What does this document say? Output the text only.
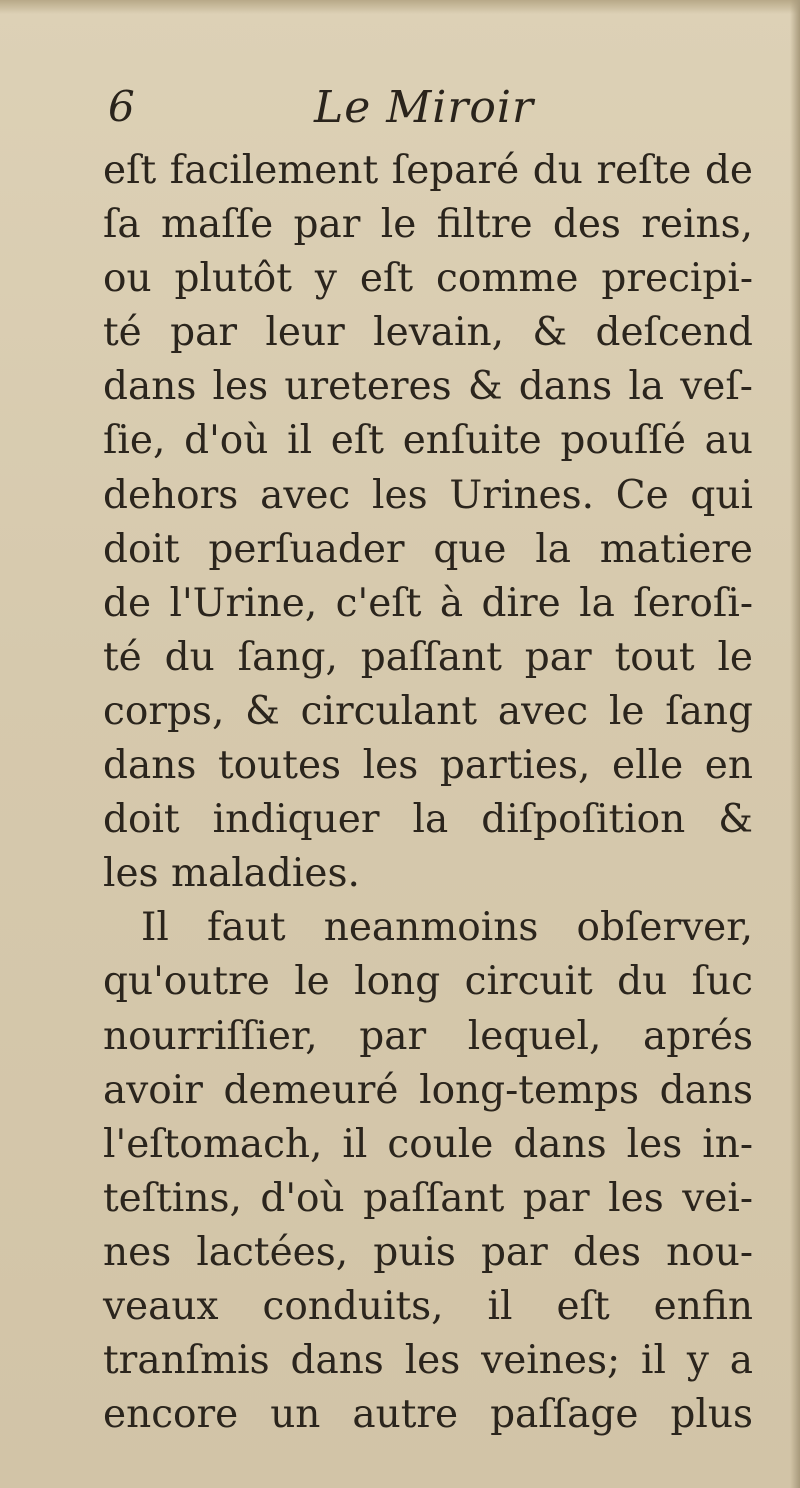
6	Le Miroir
eſt facilement ſeparé du reſte de
ſa maſſe par le filtre des reins,
ou plutôt y eſt comme precipi-
té par leur levain, & deſcend
dans les ureteres & dans la veſ-
ſie, d'où il eſt enſuite pouſſé au
dehors avec les Urines. Ce qui
doit perſuader que la matiere
de l'Urine, c'eſt à dire la ſeroſi-
té du ſang, paſſant par tout le
corps, & circulant avec le ſang
dans toutes les parties, elle en
doit indiquer la diſpoſition &
les maladies.
Il faut neanmoins obſerver,
qu'outre le long circuit du ſuc
nourriſſier, par lequel, aprés
avoir demeuré long-temps dans
l'eſtomach, il coule dans les in-
teſtins, d'où paſſant par les vei-
nes lactées, puis par des nou-
veaux conduits, il eſt enfin
tranſmis dans les veines; il y a
encore un autre paſſage plus
